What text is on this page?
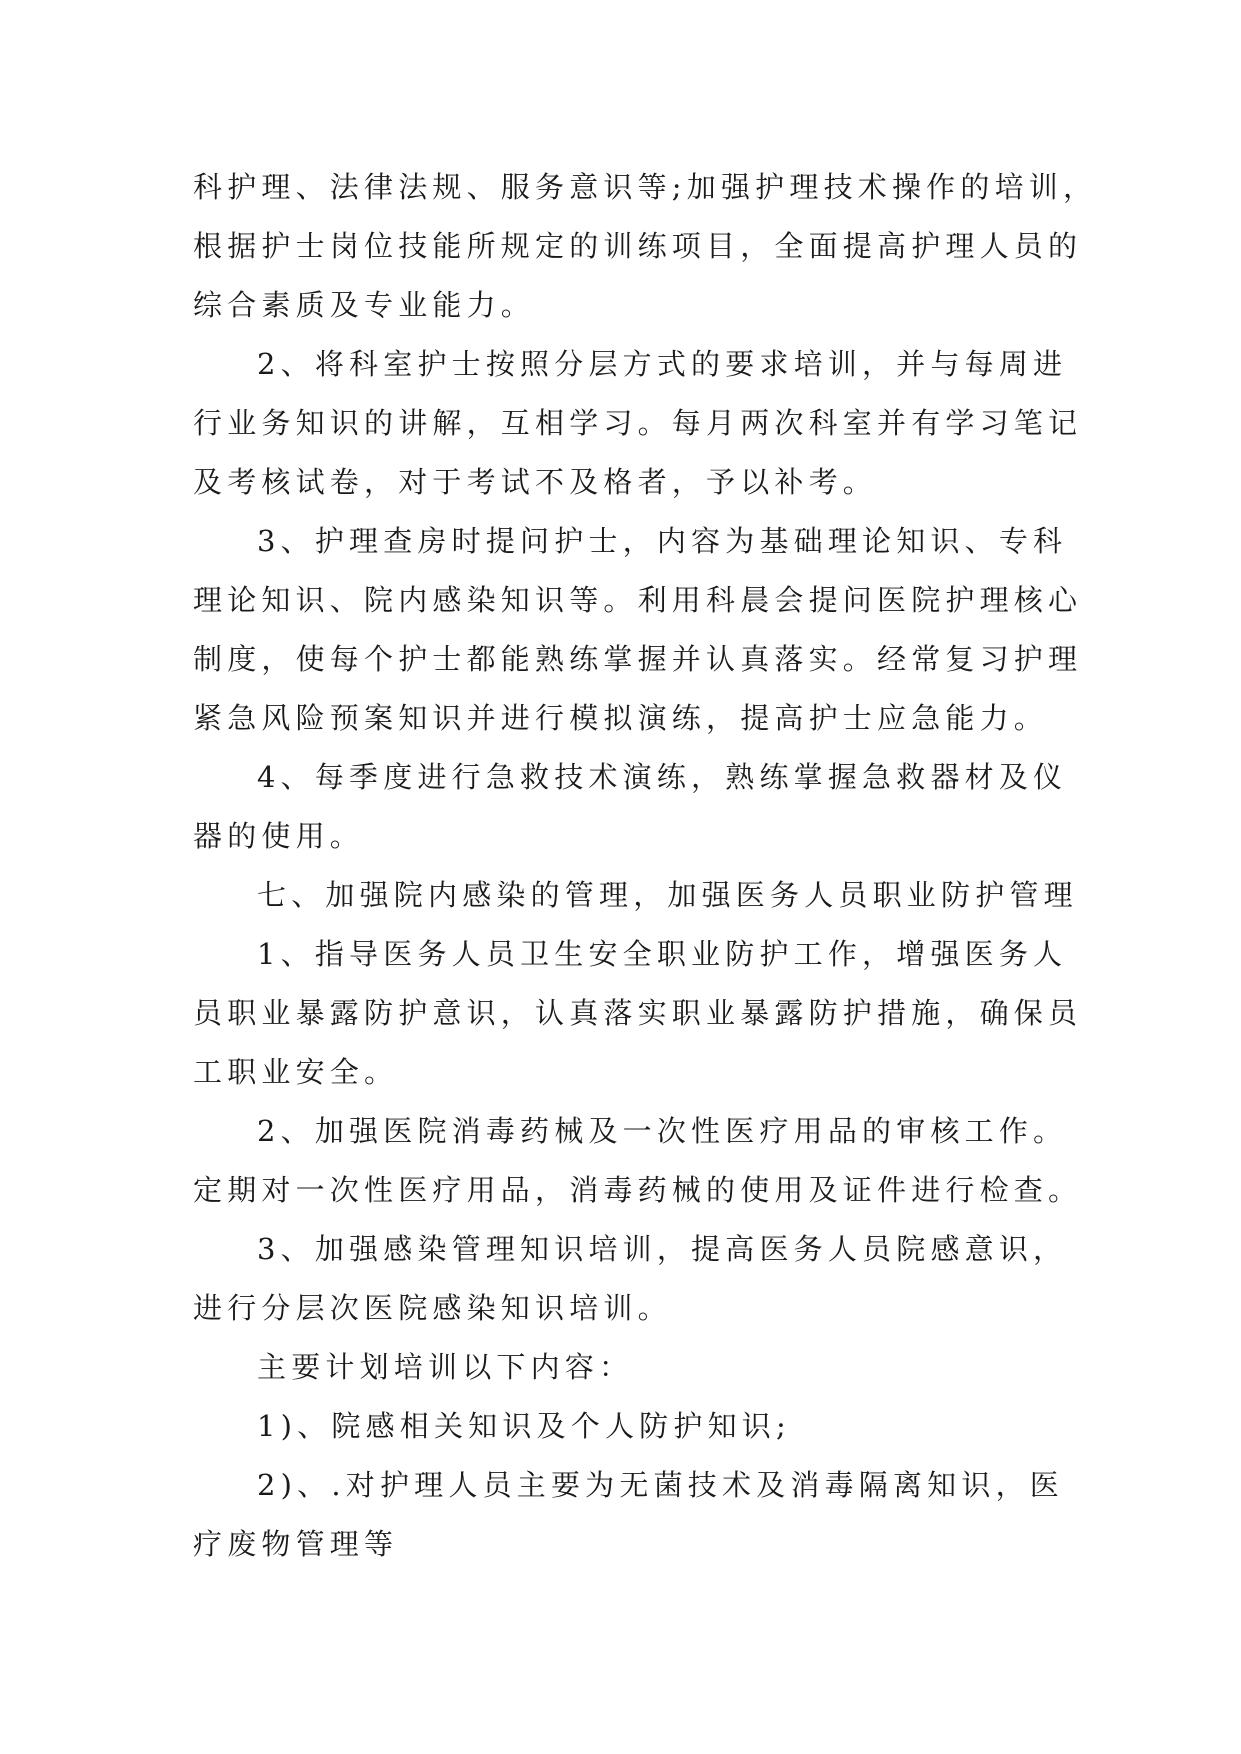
科护理、法律法规、服务意识等;加强护理技术操作的培训，
根据护士岗位技能所规定的训练项目，全面提高护理人员的
综合素质及专业能力。
2、将科室护士按照分层方式的要求培训，并与每周进
行业务知识的讲解，互相学习。每月两次科室并有学习笔记
及考核试卷，对于考试不及格者，予以补考。
3、护理查房时提问护士，内容为基础理论知识、专科
理论知识、院内感染知识等。利用科晨会提问医院护理核心
制度，使每个护士都能熟练掌握并认真落实。经常复习护理
紧急风险预案知识并进行模拟演练，提高护士应急能力。
4、每季度进行急救技术演练，熟练掌握急救器材及仪
器的使用。
七、加强院内感染的管理，加强医务人员职业防护管理
1、指导医务人员卫生安全职业防护工作，增强医务人
员职业暴露防护意识，认真落实职业暴露防护措施，确保员
工职业安全。
2、加强医院消毒药械及一次性医疗用品的审核工作。
定期对一次性医疗用品，消毒药械的使用及证件进行检查。
3、加强感染管理知识培训，提高医务人员院感意识，
进行分层次医院感染知识培训。
主要计划培训以下内容：
1)、院感相关知识及个人防护知识;
2)、.对护理人员主要为无菌技术及消毒隔离知识，医
疗废物管理等
